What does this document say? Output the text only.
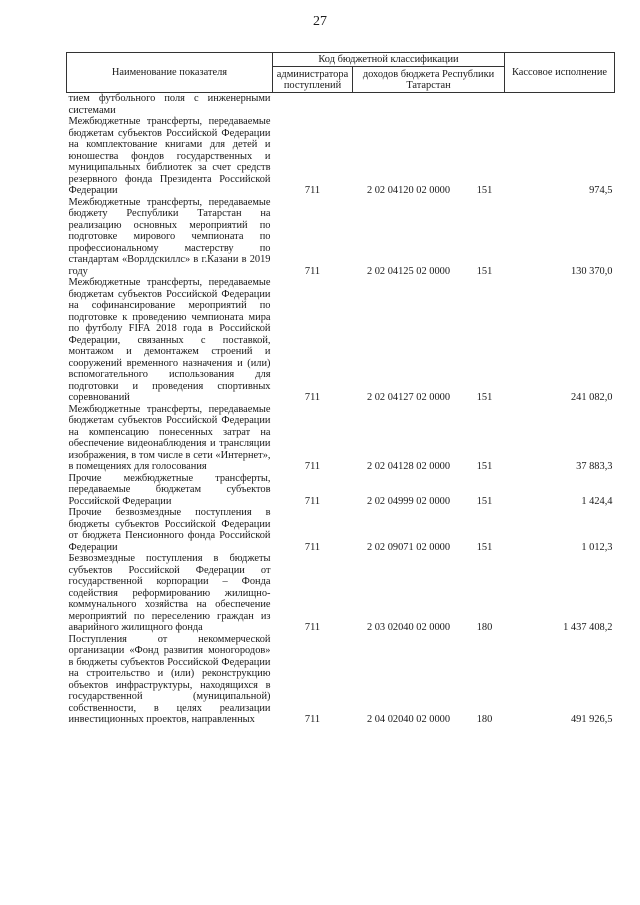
27
Наименование показателя	Код бюджетной классификации			Кассовое исполнение
	администратора поступлений	доходов бюджета Республики Татарстан		

тием футбольного поля с инженерными системами				

Межбюджетные трансферты, передаваемые бюджетам субъектов Российской Федерации на комплектование книгами для детей и юношества фондов государственных и муниципальных библиотек за счет средств резервного фонда Президента Российской Федерации	711	2 02 04120 02 0000	151	974,5

Межбюджетные трансферты, передаваемые бюджету Республики Татарстан на реализацию основных мероприятий по подготовке мирового чемпионата по профессиональному мастерству по стандартам «Ворлдскиллс» в г.Казани в 2019 году	711	2 02 04125 02 0000	151	130 370,0

Межбюджетные трансферты, передаваемые бюджетам субъектов Российской Федерации на софинансирование мероприятий по подготовке к проведению чемпионата мира по футболу FIFA 2018 года в Российской Федерации, связанных с поставкой, монтажом и демонтажем строений и сооружений временного назначения и (или) вспомогательного использования для подготовки и проведения спортивных соревнований	711	2 02 04127 02 0000	151	241 082,0

Межбюджетные трансферты, передаваемые бюджетам субъектов Российской Федерации на компенсацию понесенных затрат на обеспечение видеонаблюдения и трансляции изображения, в том числе в сети «Интернет», в помещениях для голосования	711	2 02 04128 02 0000	151	37 883,3

Прочие межбюджетные трансферты, передаваемые бюджетам субъектов Российской Федерации	711	2 02 04999 02 0000	151	1 424,4

Прочие безвозмездные поступления в бюджеты субъектов Российской Федерации от бюджета Пенсионного фонда Российской Федерации	711	2 02 09071 02 0000	151	1 012,3

Безвозмездные поступления в бюджеты субъектов Российской Федерации от государственной корпорации – Фонда содействия реформированию жилищно-коммунального хозяйства на обеспечение мероприятий по переселению граждан из аварийного жилищного фонда	711	2 03 02040 02 0000	180	1 437 408,2

Поступления от некоммерческой организации «Фонд развития моногородов» в бюджеты субъектов Российской Федерации на строительство и (или) реконструкцию объектов инфраструктуры, находящихся в государственной (муниципальной) собственности, в целях реализации инвестиционных проектов, направленных	711	2 04 02040 02 0000	180	491 926,5
